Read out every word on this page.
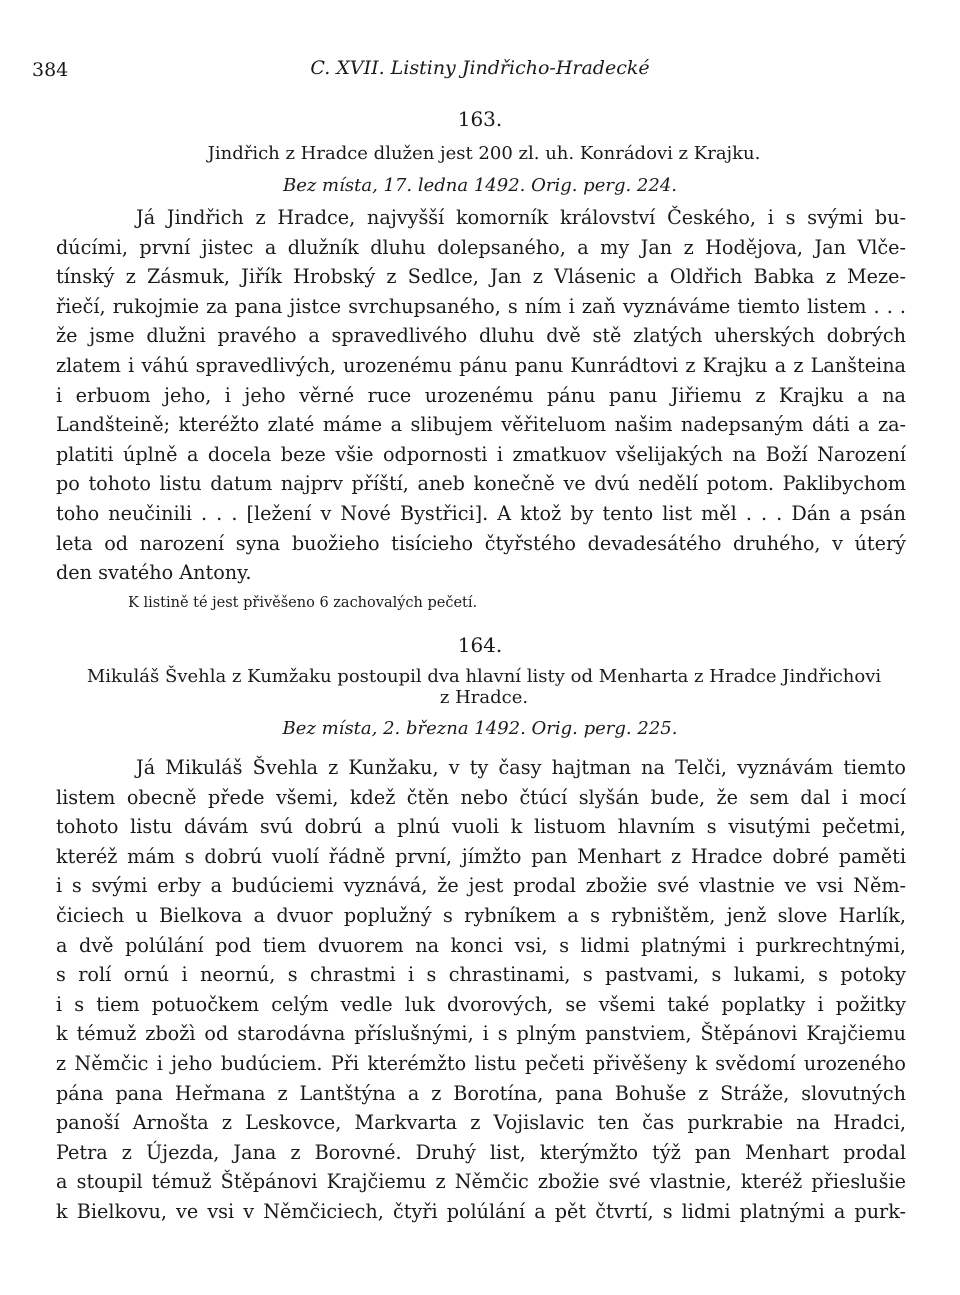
384	C. XVII. Listiny Jindřicho-Hradecké
163.
Jindřich z Hradce dlužen jest 200 zl. uh. Konrádovi z Krajku.
Bez místa, 17. ledna 1492. Orig. perg. 224.
Já Jindřich z Hradce, najvyšší komorník království Českého, i s svými bu-
dúcími, první jistec a dlužník dluhu dolepsaného, a my Jan z Hodějova, Jan Vlče-
tínský z Zásmuk, Jiřík Hrobský z Sedlce, Jan z Vlásenic a Oldřich Babka z Meze-
řiečí, rukojmie za pana jistce svrchupsaného, s ním i zaň vyznáváme tiemto listem . . .
že jsme dlužni pravého a spravedlivého dluhu dvě stě zlatých uherských dobrých
zlatem i váhú spravedlivých, urozenému pánu panu Kunrádtovi z Krajku a z Lanšteina
i erbuom jeho, i jeho věrné ruce urozenému pánu panu Jiřiemu z Krajku a na
Landšteině; kteréžto zlaté máme a slibujem věřiteluom našim nadepsaným dáti a za-
platiti úplně a docela beze všie odpornosti i zmatkuov všelijakých na Boží Narození
po tohoto listu datum najprv příští, aneb konečně ve dvú nedělí potom. Paklibychom
toho neučinili . . . [ležení v Nové Bystřici]. A ktož by tento list měl . . . Dán a psán
leta od narození syna buožieho tisícieho čtyřstého devadesátého druhého, v úterý
den svatého Antony.
K listině té jest přivěšeno 6 zachovalých pečetí.
164.
Mikuláš Švehla z Kumžaku postoupil dva hlavní listy od Menharta z Hradce Jindřichovi
z Hradce.
Bez místa, 2. března 1492. Orig. perg. 225.
Já Mikuláš Švehla z Kunžaku, v ty časy hajtman na Telči, vyznávám tiemto
listem obecně přede všemi, kdež čtěn nebo čtúcí slyšán bude, že sem dal i mocí
tohoto listu dávám svú dobrú a plnú vuoli k listuom hlavním s visutými pečetmi,
kteréž mám s dobrú vuolí řádně první, jímžto pan Menhart z Hradce dobré paměti
i s svými erby a budúciemi vyznává, že jest prodal zbožie své vlastnie ve vsi Něm-
čiciech u Bielkova a dvuor poplužný s rybníkem a s rybništěm, jenž slove Harlík,
a dvě polúlání pod tiem dvuorem na konci vsi, s lidmi platnými i purkrechtnými,
s rolí ornú i neornú, s chrastmi i s chrastinami, s pastvami, s lukami, s potoky
i s tiem potuočkem celým vedle luk dvorových, se všemi také poplatky i požitky
k témuž zbožì od starodávna příslušnými, i s plným panstviem, Štěpánovi Krajčiemu
z Němčic i jeho budúciem. Při kterémžto listu pečeti přivěšeny k svědomí urozeného
pána pana Heřmana z Lantštýna a z Borotína, pana Bohuše z Stráže, slovutných
panoší Arnošta z Leskovce, Markvarta z Vojislavic ten čas purkrabie na Hradci,
Petra z Újezda, Jana z Borovné. Druhý list, kterýmžto týž pan Menhart prodal
a stoupil témuž Štěpánovi Krajčiemu z Němčic zbožie své vlastnie, kteréž přieslušie
k Bielkovu, ve vsi v Němčiciech, čtyři polúlání a pět čtvrtí, s lidmi platnými a purk-
